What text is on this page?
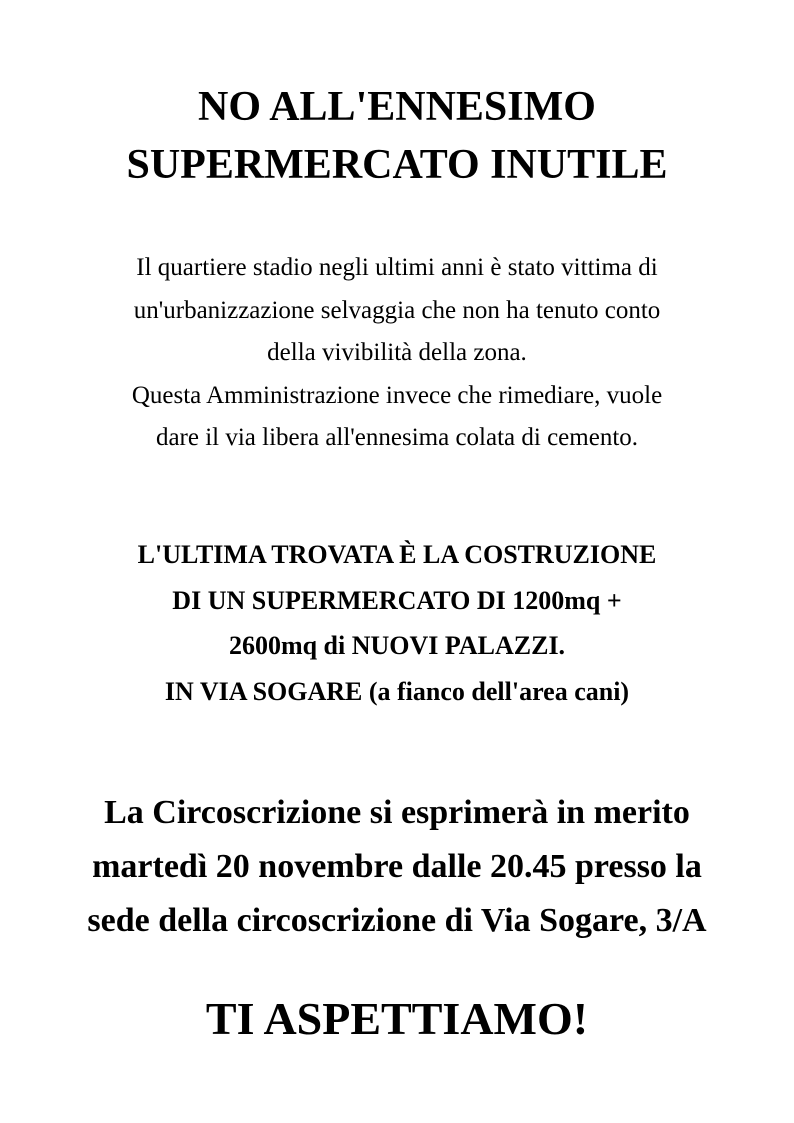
NO ALL'ENNESIMO
SUPERMERCATO INUTILE

Il quartiere stadio negli ultimi anni è stato vittima di
un'urbanizzazione selvaggia che non ha tenuto conto
della vivibilità della zona.
Questa Amministrazione invece che rimediare, vuole
dare il via libera all'ennesima colata di cemento.

L'ULTIMA TROVATA È LA COSTRUZIONE
DI UN SUPERMERCATO DI 1200mq +
2600mq di NUOVI PALAZZI.
IN VIA SOGARE (a fianco dell'area cani)

La Circoscrizione si esprimerà in merito
martedì 20 novembre dalle 20.45 presso la
sede della circoscrizione di Via Sogare, 3/A

TI ASPETTIAMO!
